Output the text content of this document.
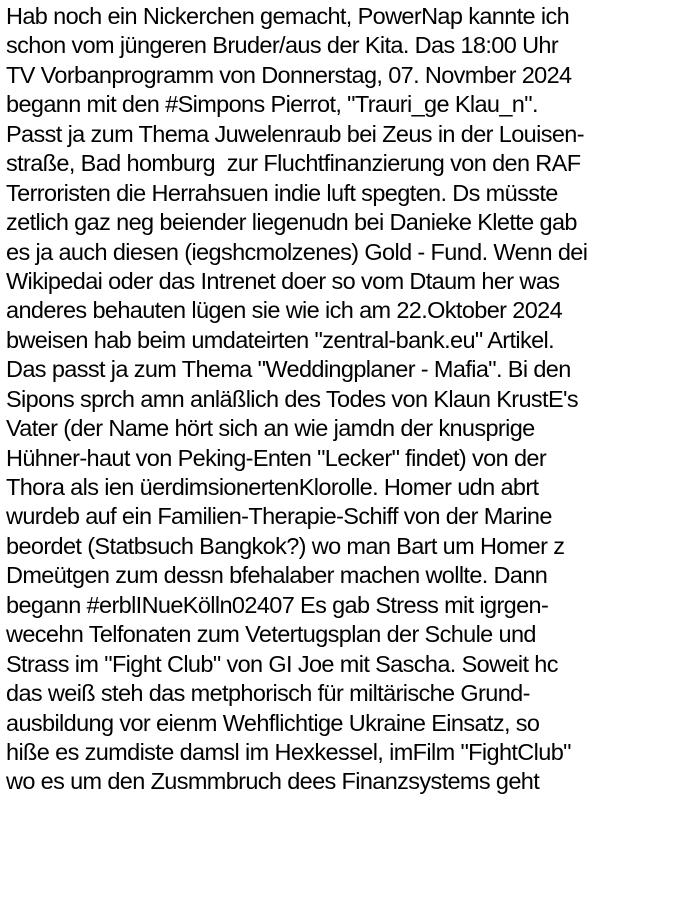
Hab noch ein Nickerchen gemacht, PowerNap kannte ich
schon vom jüngeren Bruder/aus der Kita. Das 18:00 Uhr
TV Vorbanprogramm von Donnerstag, 07. Novmber 2024
begann mit den #Simpons Pierrot, "Trauri_ge Klau_n".
Passt ja zum Thema Juwelenraub bei Zeus in der Louisen-
straße, Bad homburg  zur Fluchtfinanzierung von den RAF
Terroristen die Herrahsuen indie luft spegten. Ds müsste
zetlich gaz neg beiender liegenudn bei Danieke Klette gab
es ja auch diesen (iegshcmolzenes) Gold - Fund. Wenn dei
Wikipedai oder das Intrenet doer so vom Dtaum her was
anderes behauten lügen sie wie ich am 22.Oktober 2024
bweisen hab beim umdateirten "zentral-bank.eu" Artikel.
Das passt ja zum Thema "Weddingplaner - Mafia". Bi den
Sipons sprch amn anläßlich des Todes von Klaun KrustE's
Vater (der Name hört sich an wie jamdn der knusprige
Hühner-haut von Peking-Enten "Lecker" findet) von der
Thora als ien üerdimsionertenKlorolle. Homer udn abrt
wurdeb auf ein Familien-Therapie-Schiff von der Marine
beordet (Statbsuch Bangkok?) wo man Bart um Homer z
Dmeütgen zum dessn bfehalaber machen wollte. Dann
begann #erblINueKölln02407 Es gab Stress mit igrgen-
wecehn Telfonaten zum Vetertugsplan der Schule und
Strass im "Fight Club" von GI Joe mit Sascha. Soweit hc
das weiß steh das metphorisch für miltärische Grund-
ausbildung vor eienm Wehflichtige Ukraine Einsatz, so
hiße es zumdiste damsl im Hexkessel, imFilm "FightClub"
wo es um den Zusmmbruch dees Finanzsystems geht
